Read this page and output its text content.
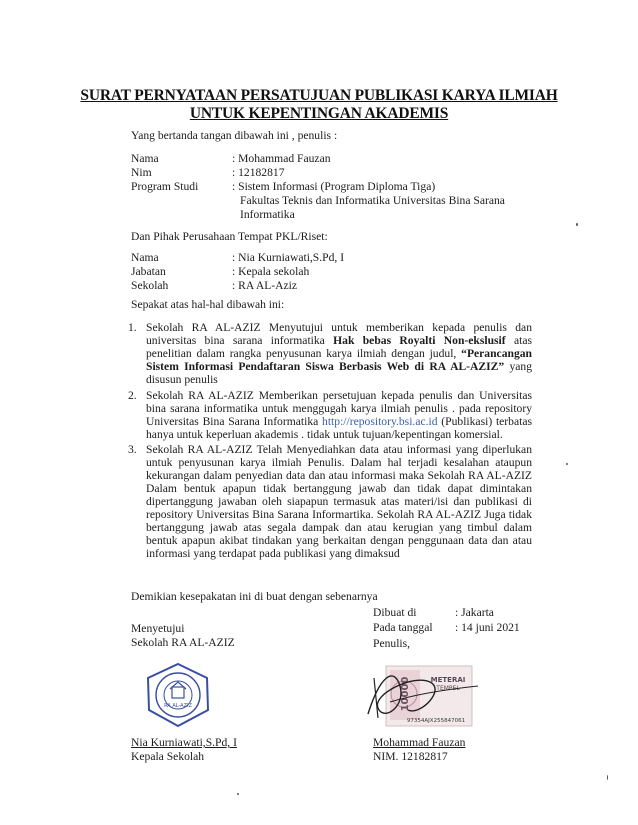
SURAT PERNYATAAN PERSATUJUAN PUBLIKASI KARYA ILMIAH
UNTUK KEPENTINGAN AKADEMIS
Yang bertanda tangan dibawah ini , penulis :
Nama	: Mohammad Fauzan
Nim	: 12182817
Program Studi	: Sistem Informasi (Program Diploma Tiga)
Fakultas Teknis dan Informatika Universitas Bina Sarana
Informatika
Dan Pihak Perusahaan Tempat PKL/Riset:
Nama	: Nia Kurniawati,S.Pd, I
Jabatan	: Kepala sekolah
Sekolah	: RA AL-Aziz
Sepakat atas hal-hal dibawah ini:
1. Sekolah RA AL-AZIZ Menyutujui untuk memberikan kepada penulis dan universitas bina sarana informatika Hak bebas Royalti Non-ekslusif atas penelitian dalam rangka penyusunan karya ilmiah dengan judul, “Perancangan Sistem Informasi Pendaftaran Siswa Berbasis Web di RA AL-AZIZ” yang disusun penulis
2. Sekolah RA AL-AZIZ Memberikan persetujuan kepada penulis dan Universitas bina sarana informatika untuk menggugah karya ilmiah penulis . pada repository Universitas Bina Sarana Informatika http://repository.bsi.ac.id (Publikasi) terbatas hanya untuk keperluan akademis . tidak untuk tujuan/kepentingan komersial.
3. Sekolah RA AL-AZIZ Telah Menyediahkan data atau informasi yang diperlukan untuk penyusunan karya ilmiah Penulis. Dalam hal terjadi kesalahan ataupun kekurangan dalam penyedian data dan atau informasi maka Sekolah RA AL-AZIZ Dalam bentuk apapun tidak bertanggung jawab dan tidak dapat dimintakan dipertanggung jawaban oleh siapapun termasuk atas materi/isi dan publikasi di repository Universitas Bina Sarana Informartika. Sekolah RA AL-AZIZ Juga tidak bertanggung jawab atas segala dampak dan atau kerugian yang timbul dalam bentuk apapun akibat tindakan yang berkaitan dengan penggunaan data dan atau informasi yang terdapat pada publikasi yang dimaksud
Demikian kesepakatan ini di buat dengan sebenarnya
Dibuat di	: Jakarta
Pada tanggal : 14 juni 2021
Penulis,
Menyetujui
Sekolah RA AL-AZIZ
RA AL-AZIZ
Nia Kurniawati,S.Pd, I
Kepala Sekolah
10000	METERAI
TEMPEL
97354AJX255847061
Mohammad Fauzan
NIM. 12182817
